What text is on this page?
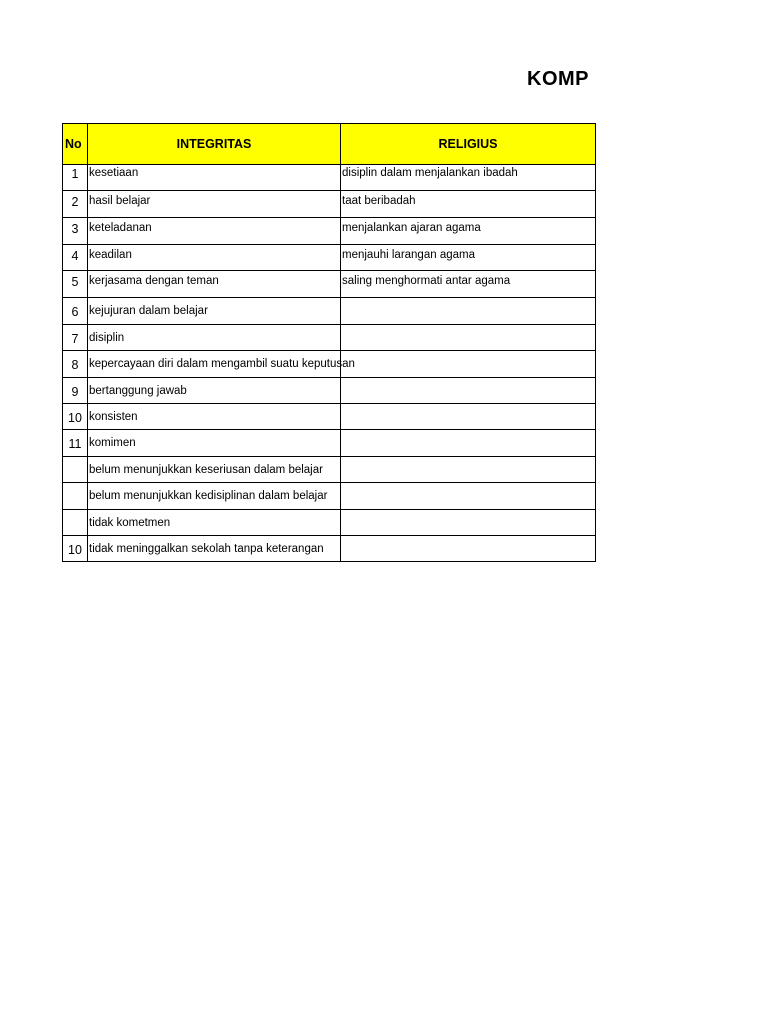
KOMP
No	INTEGRITAS	RELIGIUS

1	kesetiaan	disiplin dalam menjalankan ibadah

2	hasil belajar	taat beribadah

3	keteladanan	menjalankan ajaran agama

4	keadilan	menjauhi larangan agama

5	kerjasama dengan teman	saling menghormati antar agama

6	kejujuran dalam belajar	

7	disiplin	

8	kepercayaan diri dalam mengambil suatu keputusan	

9	bertanggung jawab	

10	konsisten	

11	komimen	

	belum menunjukkan keseriusan dalam belajar	

	belum menunjukkan kedisiplinan dalam belajar	

	tidak kometmen	

10	tidak meninggalkan sekolah tanpa keterangan	
